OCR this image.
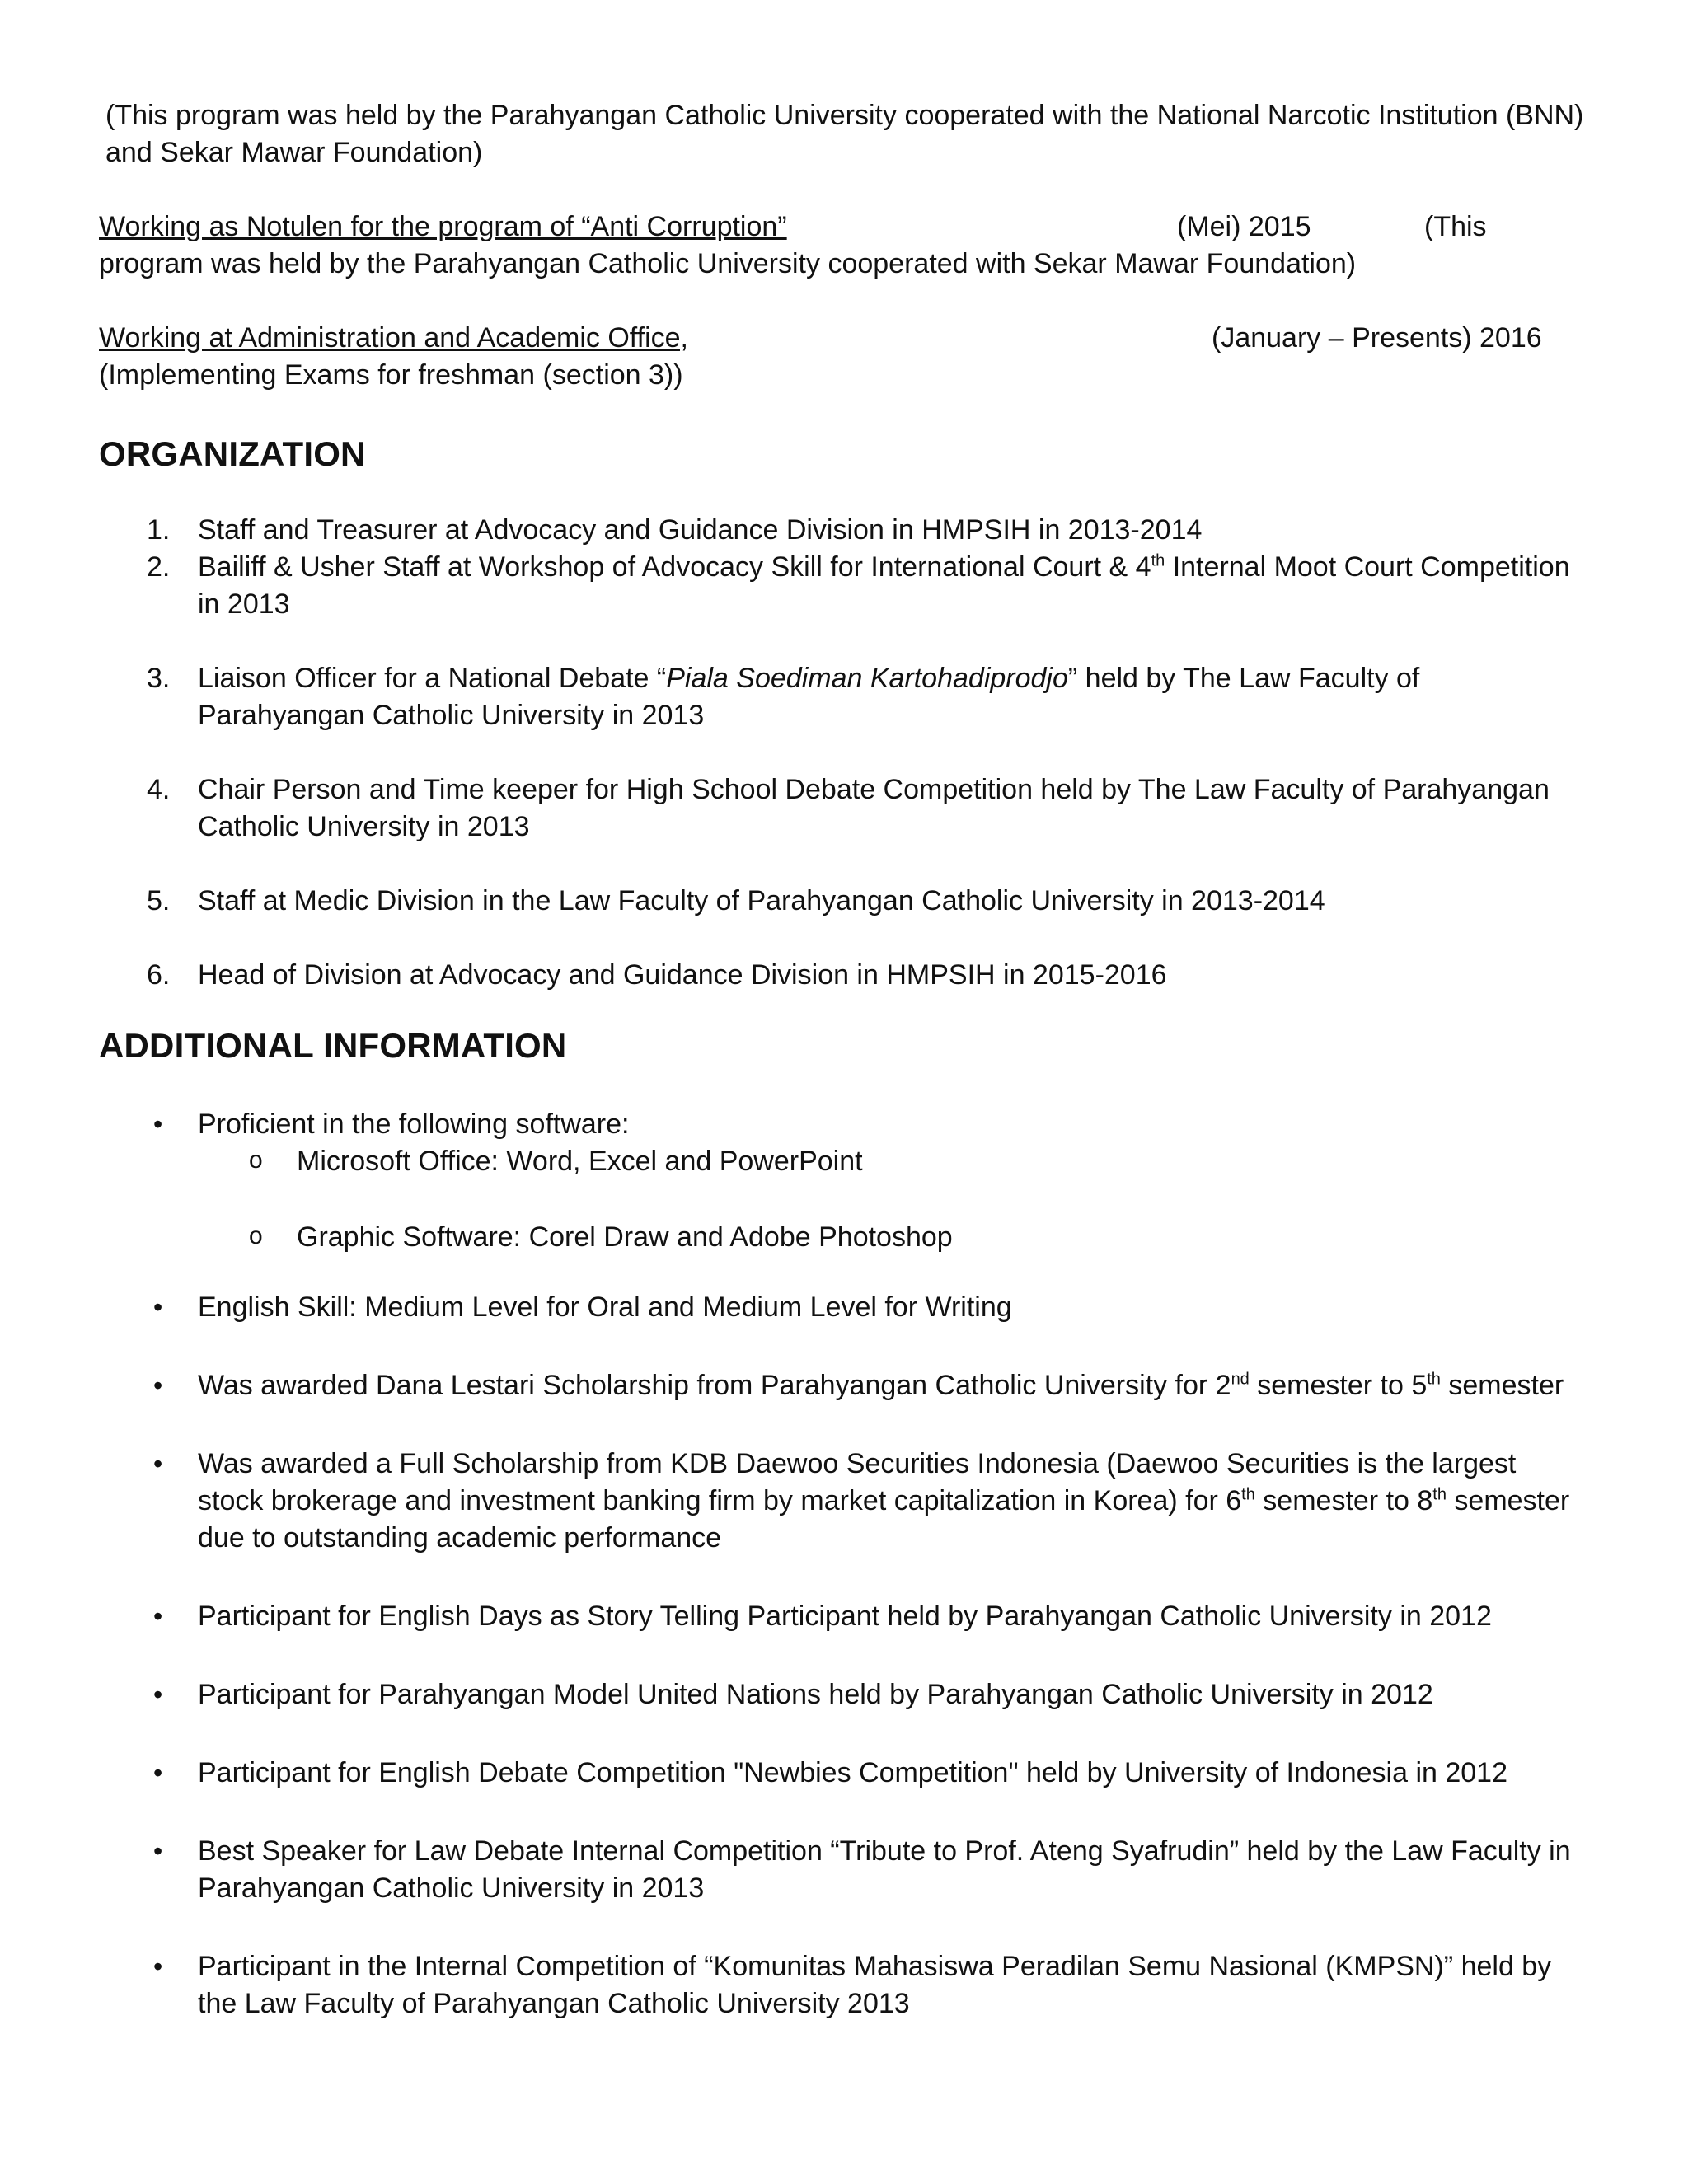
(This program was held by the Parahyangan Catholic University cooperated with the National Narcotic Institution (BNN) and Sekar Mawar Foundation)

Working as Notulen for the program of “Anti Corruption”	(Mei) 2015	(This

program was held by the Parahyangan Catholic University cooperated with Sekar Mawar Foundation)

Working at Administration and Academic Office,	(January – Presents) 2016

(Implementing Exams for freshman (section 3))

ORGANIZATION
1. Staff and Treasurer at Advocacy and Guidance Division in HMPSIH in 2013-2014
2. Bailiff & Usher Staff at Workshop of Advocacy Skill for International Court & 4th Internal Moot Court Competition in 2013
3. Liaison Officer for a National Debate “Piala Soediman Kartohadiprodjo” held by The Law Faculty of Parahyangan Catholic University in 2013
4. Chair Person and Time keeper for High School Debate Competition held by The Law Faculty of Parahyangan Catholic University in 2013
5. Staff at Medic Division in the Law Faculty of Parahyangan Catholic University in 2013-2014
6. Head of Division at Advocacy and Guidance Division in HMPSIH in 2015-2016
ADDITIONAL INFORMATION
• Proficient in the following software:
o Microsoft Office: Word, Excel and PowerPoint
o Graphic Software: Corel Draw and Adobe Photoshop
• English Skill: Medium Level for Oral and Medium Level for Writing
• Was awarded Dana Lestari Scholarship from Parahyangan Catholic University for 2nd semester to 5th semester
• Was awarded a Full Scholarship from KDB Daewoo Securities Indonesia (Daewoo Securities is the largest stock brokerage and investment banking firm by market capitalization in Korea) for 6th semester to 8th semester due to outstanding academic performance
• Participant for English Days as Story Telling Participant held by Parahyangan Catholic University in 2012
• Participant for Parahyangan Model United Nations held by Parahyangan Catholic University in 2012
• Participant for English Debate Competition "Newbies Competition" held by University of Indonesia in 2012
• Best Speaker for Law Debate Internal Competition “Tribute to Prof. Ateng Syafrudin” held by the Law Faculty in Parahyangan Catholic University in 2013
• Participant in the Internal Competition of “Komunitas Mahasiswa Peradilan Semu Nasional (KMPSN)” held by the Law Faculty of Parahyangan Catholic University 2013
